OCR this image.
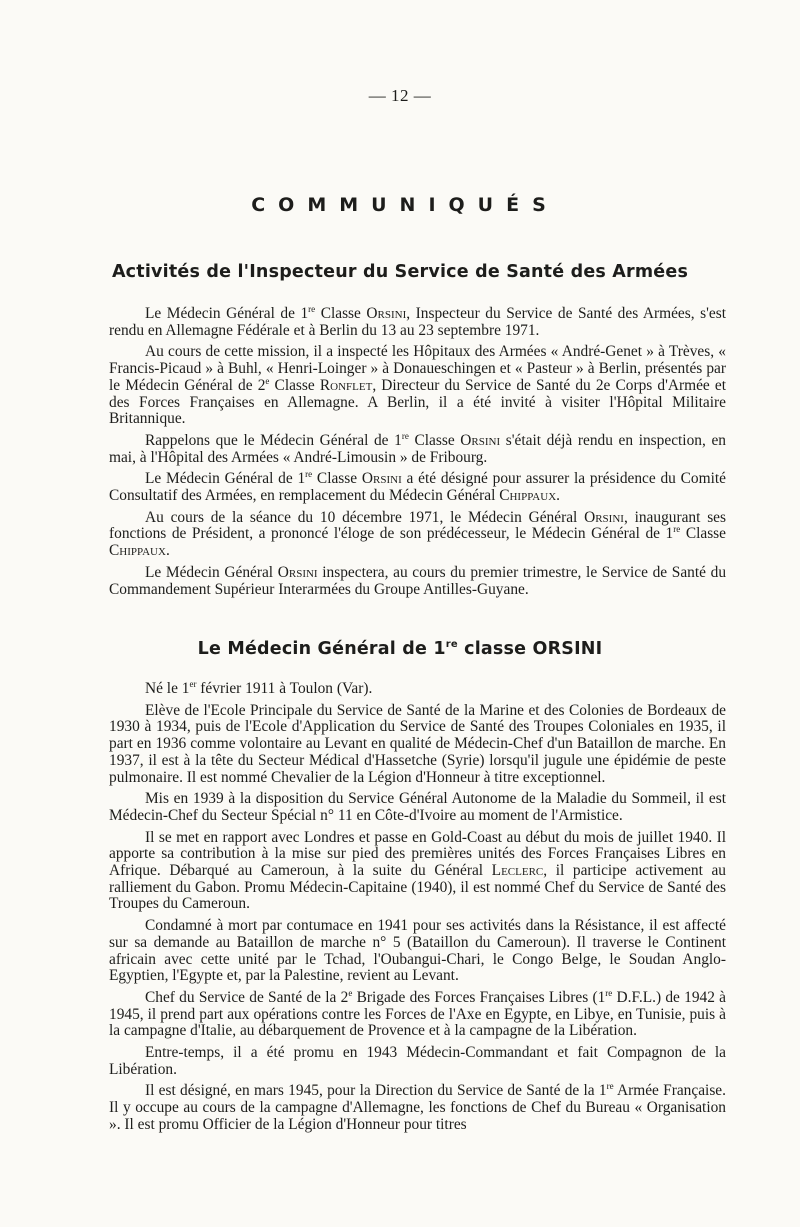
— 12 —
COMMUNIQUÉS
Activités de l'Inspecteur du Service de Santé des Armées

Le Médecin Général de 1re Classe Orsini, Inspecteur du Service de Santé des Armées, s'est rendu en Allemagne Fédérale et à Berlin du 13 au 23 septembre 1971.

Au cours de cette mission, il a inspecté les Hôpitaux des Armées « André-Genet » à Trèves, « Francis-Picaud » à Buhl, « Henri-Loinger » à Donaueschingen et « Pasteur » à Berlin, présentés par le Médecin Général de 2e Classe Ronflet, Directeur du Service de Santé du 2e Corps d'Armée et des Forces Françaises en Allemagne. A Berlin, il a été invité à visiter l'Hôpital Militaire Britannique.

Rappelons que le Médecin Général de 1re Classe Orsini s'était déjà rendu en inspection, en mai, à l'Hôpital des Armées « André-Limousin » de Fribourg.

Le Médecin Général de 1re Classe Orsini a été désigné pour assurer la présidence du Comité Consultatif des Armées, en remplacement du Médecin Général Chippaux.

Au cours de la séance du 10 décembre 1971, le Médecin Général Orsini, inaugurant ses fonctions de Président, a prononcé l'éloge de son prédécesseur, le Médecin Général de 1re Classe Chippaux.

Le Médecin Général Orsini inspectera, au cours du premier trimestre, le Service de Santé du Commandement Supérieur Interarmées du Groupe Antilles-Guyane.

Le Médecin Général de 1re classe ORSINI

Né le 1er février 1911 à Toulon (Var).

Elève de l'Ecole Principale du Service de Santé de la Marine et des Colonies de Bordeaux de 1930 à 1934, puis de l'Ecole d'Application du Service de Santé des Troupes Coloniales en 1935, il part en 1936 comme volontaire au Levant en qualité de Médecin-Chef d'un Bataillon de marche. En 1937, il est à la tête du Secteur Médical d'Hassetche (Syrie) lorsqu'il jugule une épidémie de peste pulmonaire. Il est nommé Chevalier de la Légion d'Honneur à titre exceptionnel.

Mis en 1939 à la disposition du Service Général Autonome de la Maladie du Sommeil, il est Médecin-Chef du Secteur Spécial n° 11 en Côte-d'Ivoire au moment de l'Armistice.

Il se met en rapport avec Londres et passe en Gold-Coast au début du mois de juillet 1940. Il apporte sa contribution à la mise sur pied des premières unités des Forces Françaises Libres en Afrique. Débarqué au Cameroun, à la suite du Général Leclerc, il participe activement au ralliement du Gabon. Promu Médecin-Capitaine (1940), il est nommé Chef du Service de Santé des Troupes du Cameroun.

Condamné à mort par contumace en 1941 pour ses activités dans la Résistance, il est affecté sur sa demande au Bataillon de marche n° 5 (Bataillon du Cameroun). Il traverse le Continent africain avec cette unité par le Tchad, l'Oubangui-Chari, le Congo Belge, le Soudan Anglo-Egyptien, l'Egypte et, par la Palestine, revient au Levant.

Chef du Service de Santé de la 2e Brigade des Forces Françaises Libres (1re D.F.L.) de 1942 à 1945, il prend part aux opérations contre les Forces de l'Axe en Egypte, en Libye, en Tunisie, puis à la campagne d'Italie, au débarquement de Provence et à la campagne de la Libération.

Entre-temps, il a été promu en 1943 Médecin-Commandant et fait Compagnon de la Libération.

Il est désigné, en mars 1945, pour la Direction du Service de Santé de la 1re Armée Française. Il y occupe au cours de la campagne d'Allemagne, les fonctions de Chef du Bureau « Organisation ». Il est promu Officier de la Légion d'Honneur pour titres
